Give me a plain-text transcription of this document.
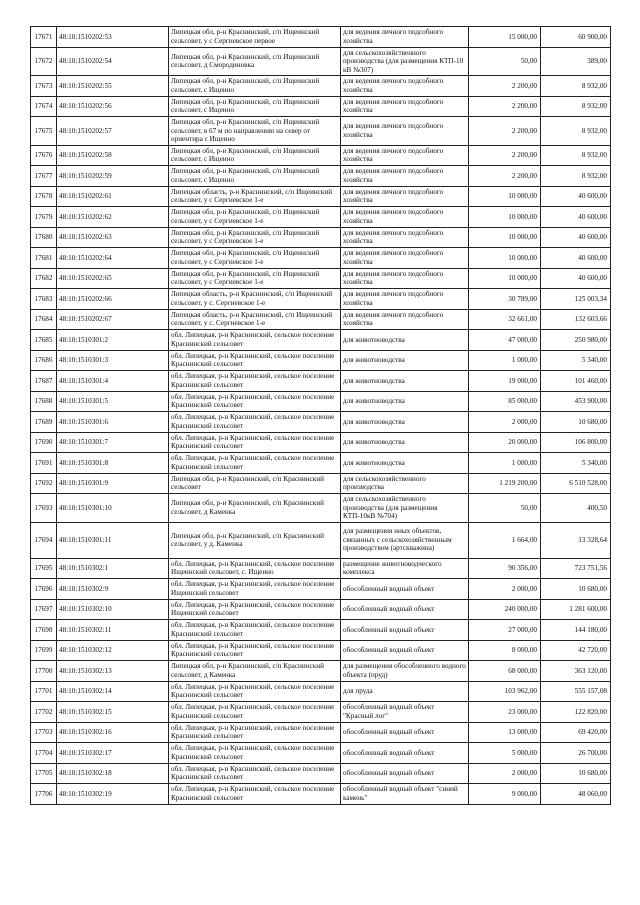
17671	48:10:1510202:53	Липецкая обл, р-н Краснинский, с/п Ищеинский сельсовет, у с Сергиевское первое	для ведения личного подсобного хозяйства	15 000,00	60 900,00
17672	48:10:1510202:54	Липецкая обл, р-н Краснинский, с/п Ищеинский сельсовет, д Смородиновка	для сельскохозяйственного производства (для размещения КТП-10 кВ №307)	50,00	389,00
17673	48:10:1510202:55	Липецкая обл, р-н Краснинский, с/п Ищеинский сельсовет, с Ищеино	для ведения личного подсобного хозяйства	2 200,00	8 932,00
17674	48:10:1510202:56	Липецкая обл, р-н Краснинский, с/п Ищеинский сельсовет, с Ищеино	для ведения личного подсобного хозяйства	2 200,00	8 932,00
17675	48:10:1510202:57	Липецкая обл, р-н Краснинский, с/п Ищеинский сельсовет, в 67 м по направлению на север от ориентира с Ищеино	для ведения личного подсобного хозяйства	2 200,00	8 932,00
17676	48:10:1510202:58	Липецкая обл, р-н Краснинский, с/п Ищеинский сельсовет, с Ищеино	для ведения личного подсобного хозяйства	2 200,00	8 932,00
17677	48:10:1510202:59	Липецкая обл, р-н Краснинский, с/п Ищеинский сельсовет, с Ищеино	для ведения личного подсобного хозяйства	2 200,00	8 932,00
17678	48:10:1510202:61	Липецкая область, р-н Краснинский, с/п Ищеинский сельсовет, у с Сергиевское 1-е	для ведения личного подсобного хозяйства	10 000,00	40 600,00
17679	48:10:1510202:62	Липецкая обл, р-н Краснинский, с/п Ищеинский сельсовет, у с Сергиевское 1-е	для ведения личного подсобного хозяйства	10 000,00	40 600,00
17680	48:10:1510202:63	Липецкая обл, р-н Краснинский, с/п Ищеинский сельсовет, у с Сергиевское 1-е	для ведения личного подсобного хозяйства	10 000,00	40 600,00
17681	48:10:1510202:64	Липецкая обл, р-н Краснинский, с/п Ищеинский сельсовет, у с Сергиевское 1-е	для ведения личного подсобного хозяйства	10 000,00	40 600,00
17682	48:10:1510202:65	Липецкая обл, р-н Краснинский, с/п Ищеинский сельсовет, у с Сергиевское 1-е	для ведения личного подсобного хозяйства	10 000,00	40 600,00
17683	48:10:1510202:66	Липецкая область, р-н Краснинский, с/п Ищеинский сельсовет, у с. Сергиевское 1-е	для ведения личного подсобного хозяйства	30 789,00	125 003,34
17684	48:10:1510202:67	Липецкая область, р-н Краснинский, с/п Ищеинский сельсовет, у с. Сергиевское 1-е	для ведения личного подсобного хозяйства	32 661,00	132 603,66
17685	48:10:1510301:2	обл. Липецкая, р-н Краснинский, сельское поселение Краснинский сельсовет	для животноводства	47 000,00	250 980,00
17686	48:10:1510301:3	обл. Липецкая, р-н Краснинский, сельское поселение Краснинский сельсовет	для животноводства	1 000,00	5 340,00
17687	48:10:1510301:4	обл. Липецкая, р-н Краснинский, сельское поселение Краснинский сельсовет	для животноводства	19 000,00	101 460,00
17688	48:10:1510301:5	обл. Липецкая, р-н Краснинский, сельское поселение Краснинский сельсовет	для животноводства	85 000,00	453 900,00
17689	48:10:1510301:6	обл. Липецкая, р-н Краснинский, сельское поселение Краснинский сельсовет	для животноводства	2 000,00	10 680,00
17690	48:10:1510301:7	обл. Липецкая, р-н Краснинский, сельское поселение Краснинский сельсовет	для животноводства	20 000,00	106 800,00
17691	48:10:1510301:8	обл. Липецкая, р-н Краснинский, сельское поселение Краснинский сельсовет	для животноводства	1 000,00	5 340,00
17692	48:10:1510301:9	Липецкая обл, р-н Краснинский, с/п Краснинский сельсовет	для сельскохозяйственного производства	1 219 200,00	6 510 528,00
17693	48:10:1510301:10	Липецкая обл, р-н Краснинский, с/п Краснинский сельсовет, д Каменка	для сельскохозяйственного производства (для размещения КТП-10кВ №704)	50,00	400,50
17694	48:10:1510301:11	Липецкая обл, р-н Краснинский, с/п Краснинский сельсовет, у д. Каменка	для размещения иных объектов, связанных с сельскохозяйственным производством (артскважина)	1 664,00	13 328,64
17695	48:10:1510302:1	обл. Липецкая, р-н Краснинский, сельское поселение Ищеинский сельсовет, с. Ищеино	размещение животноводческого комплекса	90 356,00	723 751,56
17696	48:10:1510302:9	обл. Липецкая, р-н Краснинский, сельское поселение Ищеинский сельсовет	обособленный водный объект	2 000,00	10 680,00
17697	48:10:1510302:10	обл. Липецкая, р-н Краснинский, сельское поселение Ищеинский сельсовет	обособленный водный объект	240 000,00	1 281 600,00
17698	48:10:1510302:11	обл. Липецкая, р-н Краснинский, сельское поселение Краснинский сельсовет	обособленный водный объект	27 000,00	144 180,00
17699	48:10:1510302:12	обл. Липецкая, р-н Краснинский, сельское поселение Краснинский сельсовет	обособленный водный объект	8 000,00	42 720,00
17700	48:10:1510302:13	Липецкая обл, р-н Краснинский, с/п Краснинский сельсовет, д Каменка	для размещения обособленного водного объекта (пруд)	68 000,00	363 120,00
17701	48:10:1510302:14	обл. Липецкая, р-н Краснинский, сельское поселение Краснинский сельсовет	для пруда	103 962,00	555 157,08
17702	48:10:1510302:15	обл. Липецкая, р-н Краснинский, сельское поселение Краснинский сельсовет	обособленный водный объект "Красный лог"	23 000,00	122 820,00
17703	48:10:1510302:16	обл. Липецкая, р-н Краснинский, сельское поселение Краснинский сельсовет	обособленный водный объект	13 000,00	69 420,00
17704	48:10:1510302:17	обл. Липецкая, р-н Краснинский, сельское поселение Краснинский сельсовет	обособленный водный объект	5 000,00	26 700,00
17705	48:10:1510302:18	обл. Липецкая, р-н Краснинский, сельское поселение Краснинский сельсовет	обособленный водный объект	2 000,00	10 680,00
17706	48:10:1510302:19	обл. Липецкая, р-н Краснинский, сельское поселение Краснинский сельсовет	обособленный водный объект "синий камень"	9 000,00	48 060,00
